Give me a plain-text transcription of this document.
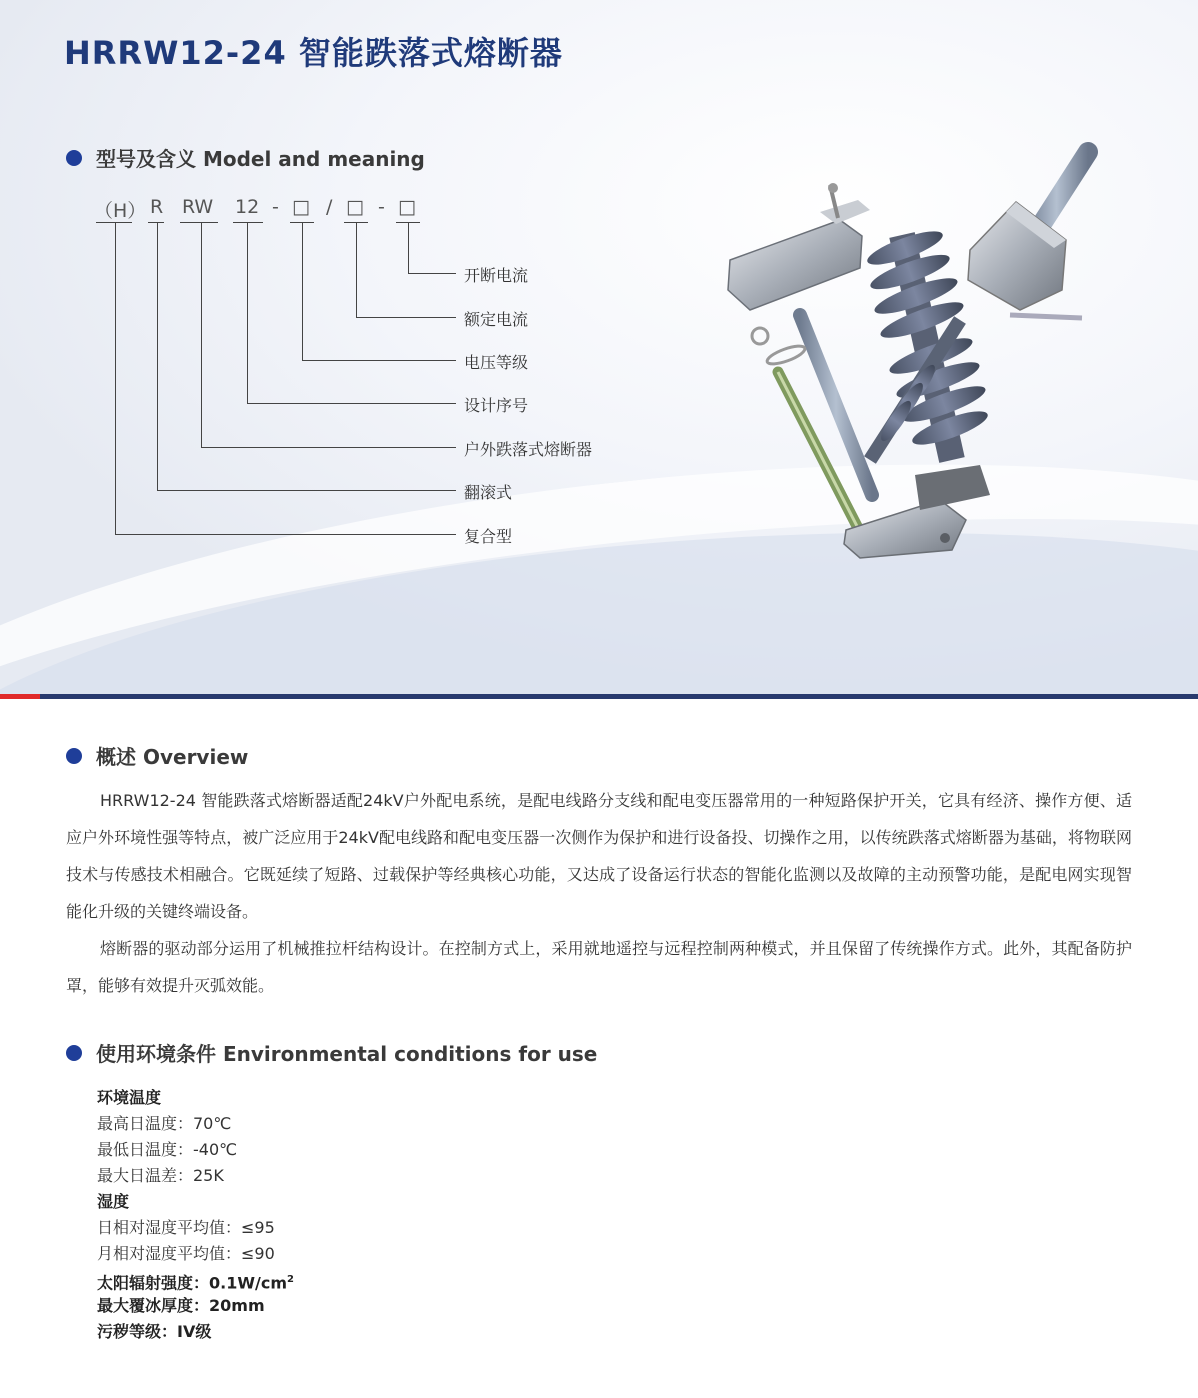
HRRW12-24 智能跌落式熔断器
型号及含义 Model and meaning
（H） R RW 12 - □ / □ - □
开断电流
额定电流
电压等级
设计序号
户外跌落式熔断器
翻滚式
复合型
概述 Overview

HRRW12-24 智能跌落式熔断器适配24kV户外配电系统，是配电线路分支线和配电变压器常用的一种短路保护开关，它具有经济、操作方便、适应户外环境性强等特点，被广泛应用于24kV配电线路和配电变压器一次侧作为保护和进行设备投、切操作之用，以传统跌落式熔断器为基础，将物联网技术与传感技术相融合。它既延续了短路、过载保护等经典核心功能，又达成了设备运行状态的智能化监测以及故障的主动预警功能，是配电网实现智能化升级的关键终端设备。

熔断器的驱动部分运用了机械推拉杆结构设计。在控制方式上，采用就地遥控与远程控制两种模式，并且保留了传统操作方式。此外，其配备防护罩，能够有效提升灭弧效能。

使用环境条件 Environmental conditions for use
环境温度
最高日温度：70℃
最低日温度：-40℃
最大日温差：25K
湿度
日相对湿度平均值：≤95
月相对湿度平均值：≤90
太阳辐射强度：$0.1W/cm^2$
最大覆冰厚度：20mm
污秽等级：IV级
